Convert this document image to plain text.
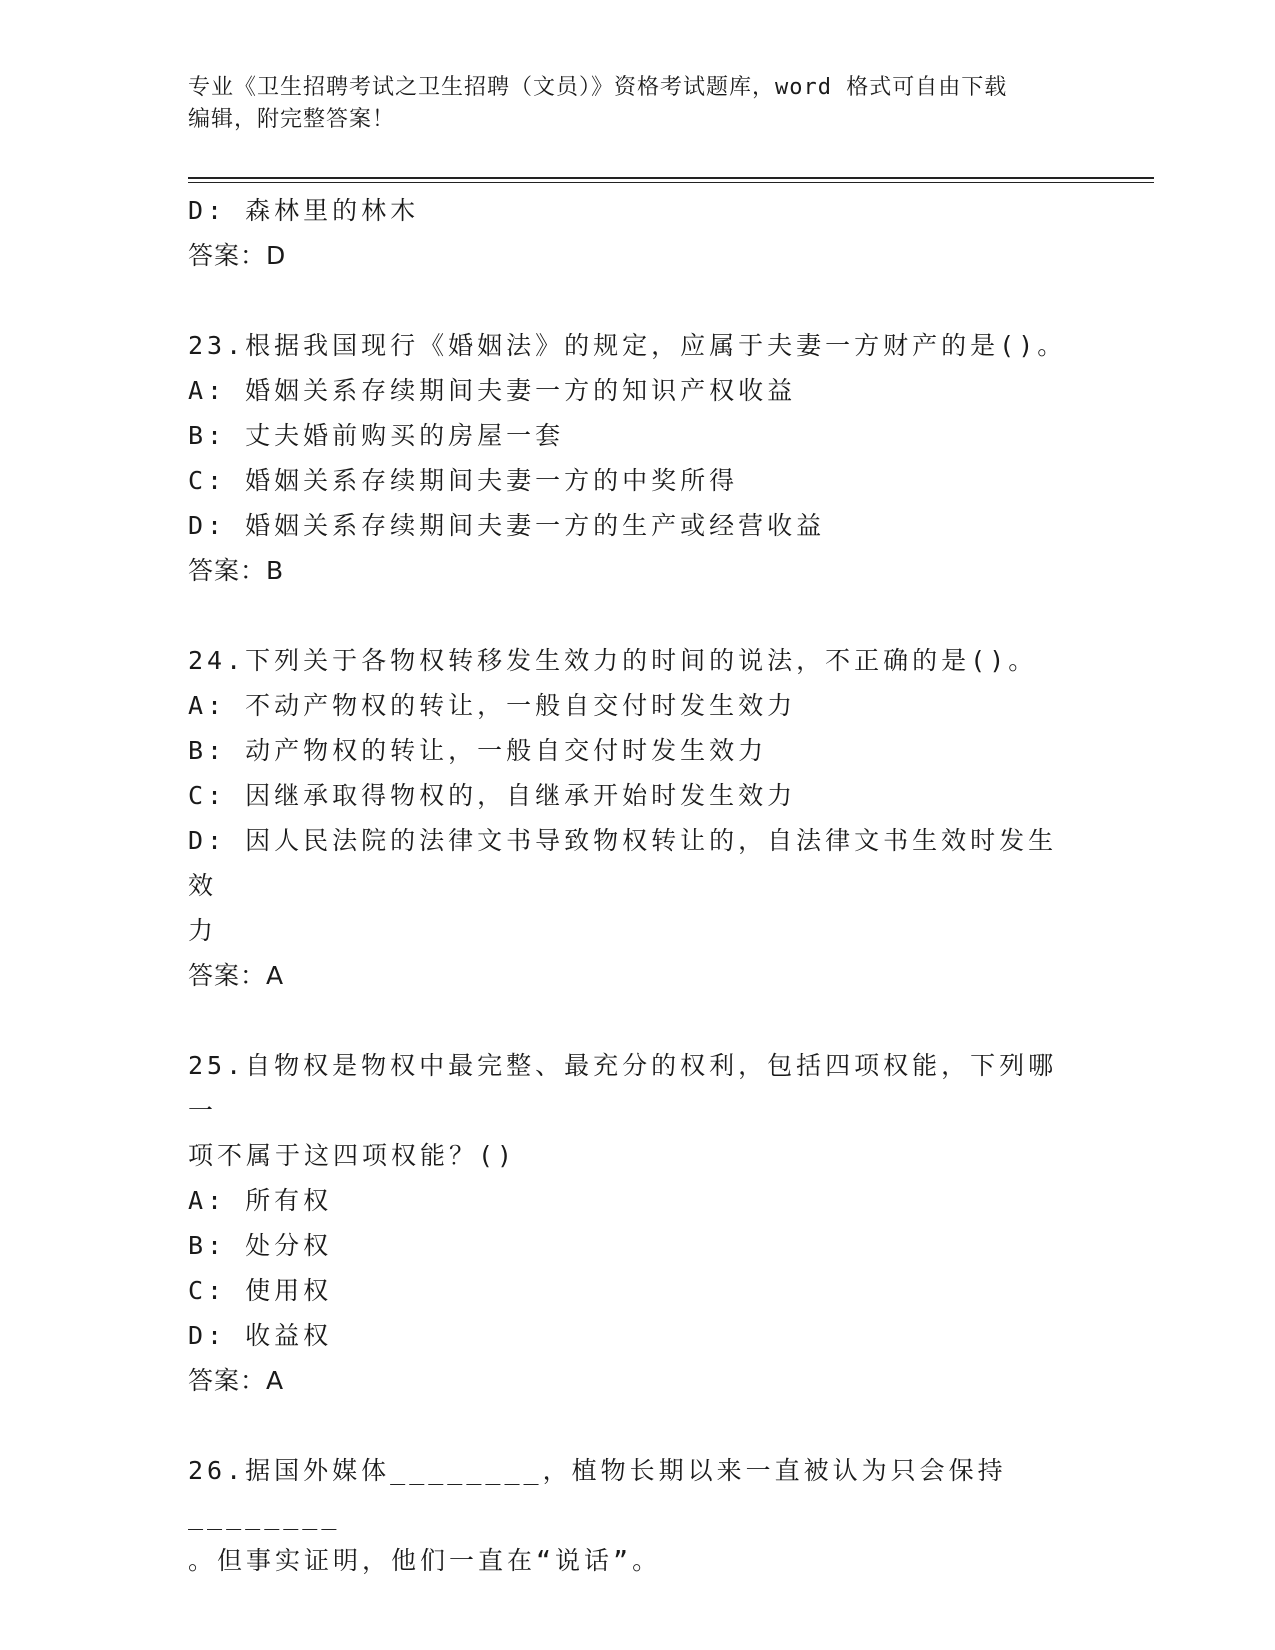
专业《卫生招聘考试之卫生招聘（文员）》资格考试题库，word 格式可自由下载
编辑，附完整答案！
D: 森林里的林木
答案：D
23.根据我国现行《婚姻法》的规定，应属于夫妻一方财产的是()。
A: 婚姻关系存续期间夫妻一方的知识产权收益
B: 丈夫婚前购买的房屋一套
C: 婚姻关系存续期间夫妻一方的中奖所得
D: 婚姻关系存续期间夫妻一方的生产或经营收益
答案：B
24.下列关于各物权转移发生效力的时间的说法，不正确的是()。
A: 不动产物权的转让，一般自交付时发生效力
B: 动产物权的转让，一般自交付时发生效力
C: 因继承取得物权的，自继承开始时发生效力
D: 因人民法院的法律文书导致物权转让的，自法律文书生效时发生效
力
答案：A
25.自物权是物权中最完整、最充分的权利，包括四项权能，下列哪一
项不属于这四项权能？()
A: 所有权
B: 处分权
C: 使用权
D: 收益权
答案：A
26.据国外媒体________，植物长期以来一直被认为只会保持________
。但事实证明，他们一直在“说话”。
